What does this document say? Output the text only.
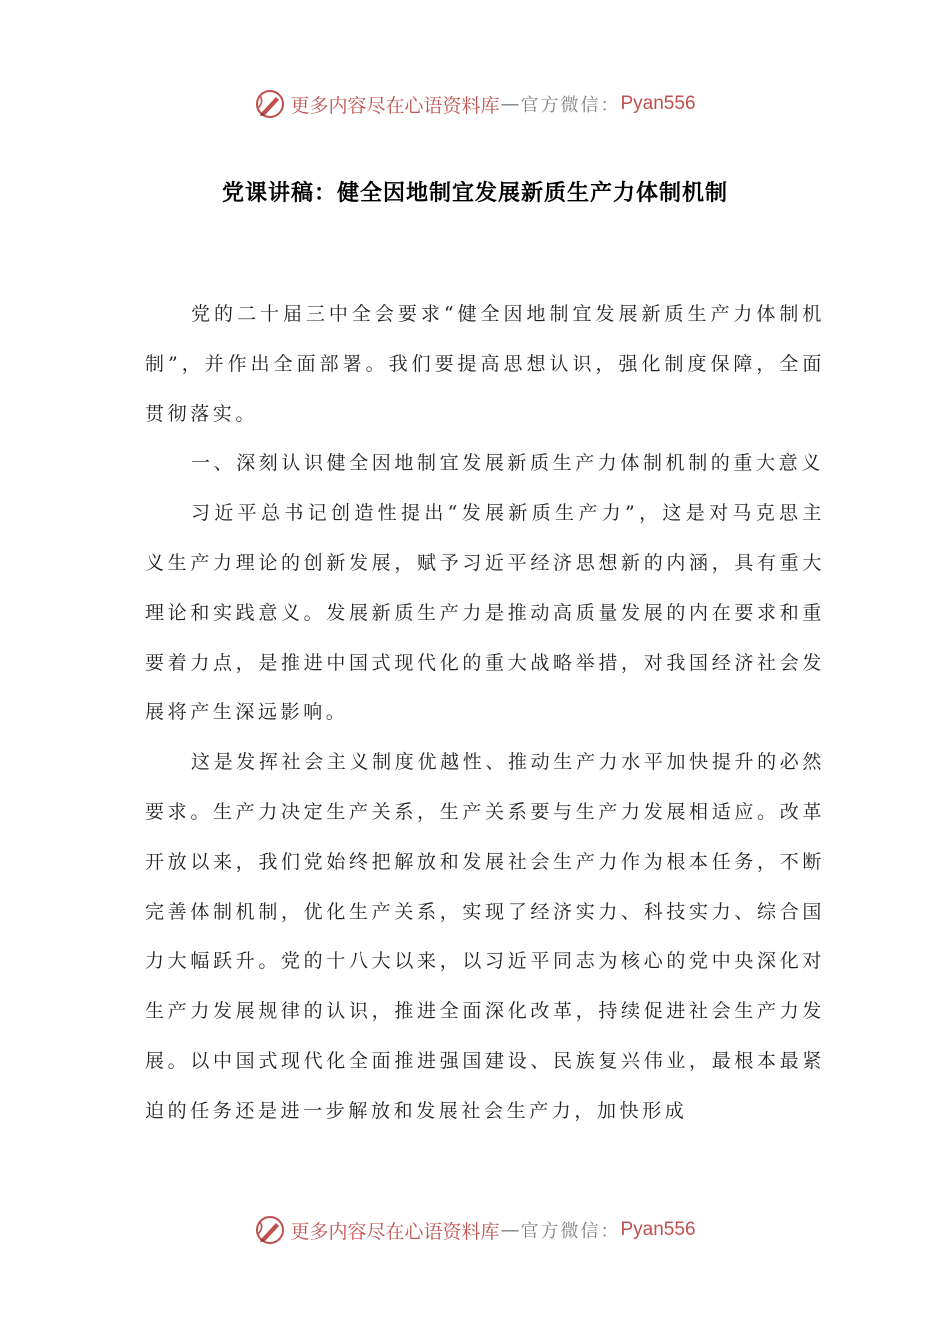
更多内容尽在心语资料库 — 官方微信： Pyan556
党课讲稿：健全因地制宜发展新质生产力体制机制

党的二十届三中全会要求“健全因地制宜发展新质生产力体制机制”，并作出全面部署。我们要提高思想认识，强化制度保障，全面贯彻落实。

一、深刻认识健全因地制宜发展新质生产力体制机制的重大意义

习近平总书记创造性提出“发展新质生产力”，这是对马克思主义生产力理论的创新发展，赋予习近平经济思想新的内涵，具有重大理论和实践意义。发展新质生产力是推动高质量发展的内在要求和重要着力点，是推进中国式现代化的重大战略举措，对我国经济社会发展将产生深远影响。

这是发挥社会主义制度优越性、推动生产力水平加快提升的必然要求。生产力决定生产关系，生产关系要与生产力发展相适应。改革开放以来，我们党始终把解放和发展社会生产力作为根本任务，不断完善体制机制，优化生产关系，实现了经济实力、科技实力、综合国力大幅跃升。党的十八大以来，以习近平同志为核心的党中央深化对生产力发展规律的认识，推进全面深化改革，持续促进社会生产力发展。以中国式现代化全面推进强国建设、民族复兴伟业，最根本最紧迫的任务还是进一步解放和发展社会生产力，加快形成

更多内容尽在心语资料库 — 官方微信： Pyan556
